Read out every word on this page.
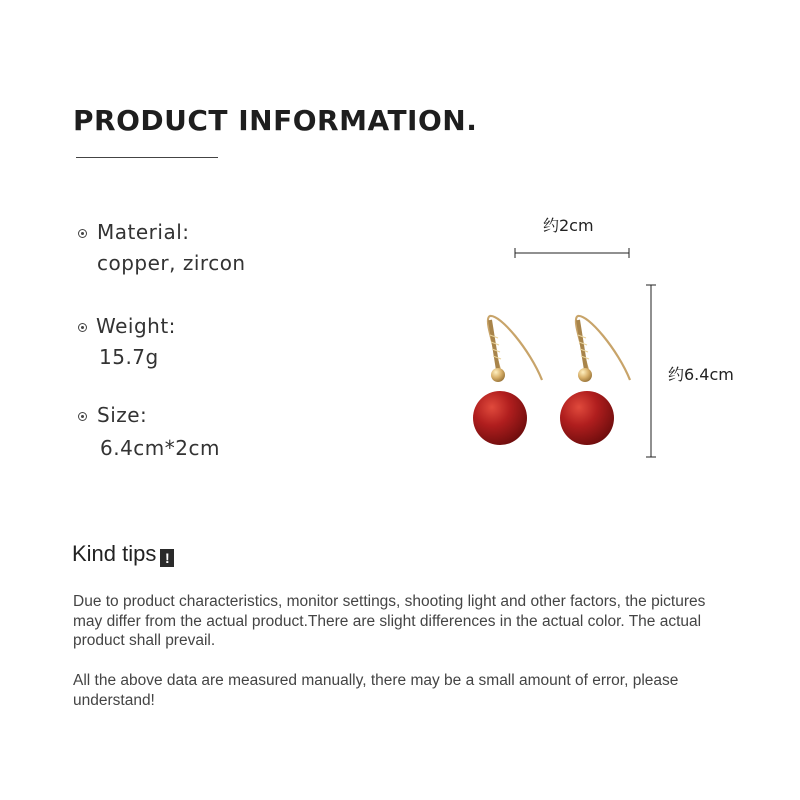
PRODUCT INFORMATION.
Material:
copper, zircon
Weight:
15.7g
Size:
6.4cm*2cm
约2cm
约6.4cm
Kind tips !
Due to product characteristics, monitor settings, shooting light and other factors, the pictures may differ from the actual product.There are slight differences in the actual color. The actual product shall prevail.
All the above data are measured manually, there may be a small amount of error, please understand!
